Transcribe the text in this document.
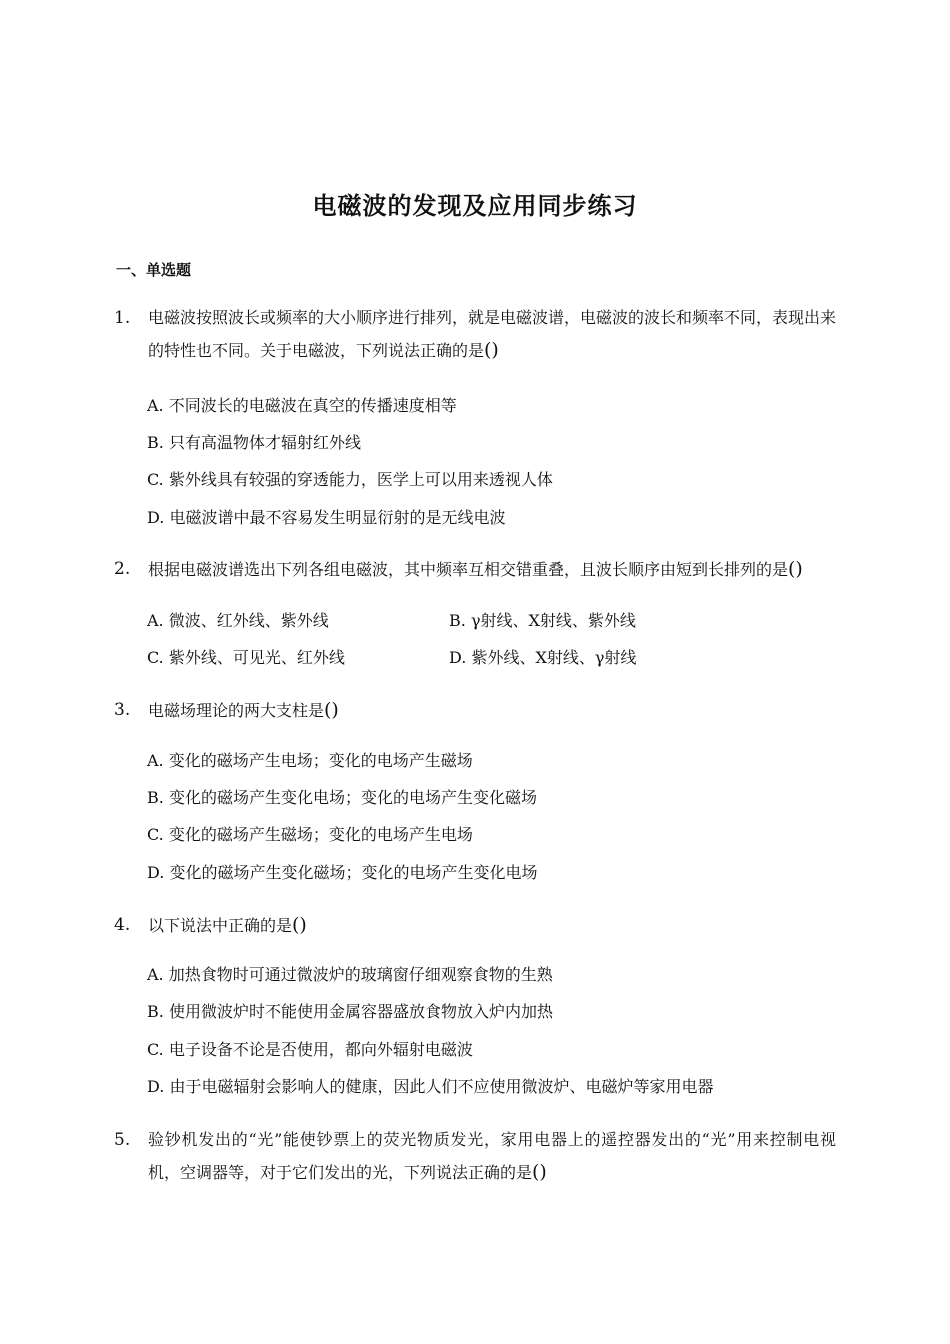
电磁波的发现及应用同步练习
一、单选题
1. 电磁波按照波长或频率的大小顺序进行排列，就是电磁波谱，电磁波的波长和频率不同，表现出来的特性也不同。关于电磁波，下列说法正确的是()
A. 不同波长的电磁波在真空的传播速度相等
B. 只有高温物体才辐射红外线
C. 紫外线具有较强的穿透能力，医学上可以用来透视人体
D. 电磁波谱中最不容易发生明显衍射的是无线电波
2. 根据电磁波谱选出下列各组电磁波，其中频率互相交错重叠，且波长顺序由短到长排列的是()
A. 微波、红外线、紫外线	B. γ射线、X射线、紫外线
C. 紫外线、可见光、红外线	D. 紫外线、X射线、γ射线
3. 电磁场理论的两大支柱是()
A. 变化的磁场产生电场；变化的电场产生磁场
B. 变化的磁场产生变化电场；变化的电场产生变化磁场
C. 变化的磁场产生磁场；变化的电场产生电场
D. 变化的磁场产生变化磁场；变化的电场产生变化电场
4. 以下说法中正确的是()
A. 加热食物时可通过微波炉的玻璃窗仔细观察食物的生熟
B. 使用微波炉时不能使用金属容器盛放食物放入炉内加热
C. 电子设备不论是否使用，都向外辐射电磁波
D. 由于电磁辐射会影响人的健康，因此人们不应使用微波炉、电磁炉等家用电器
5. 验钞机发出的“光”能使钞票上的荧光物质发光，家用电器上的遥控器发出的“光”用来控制电视机，空调器等，对于它们发出的光，下列说法正确的是()
